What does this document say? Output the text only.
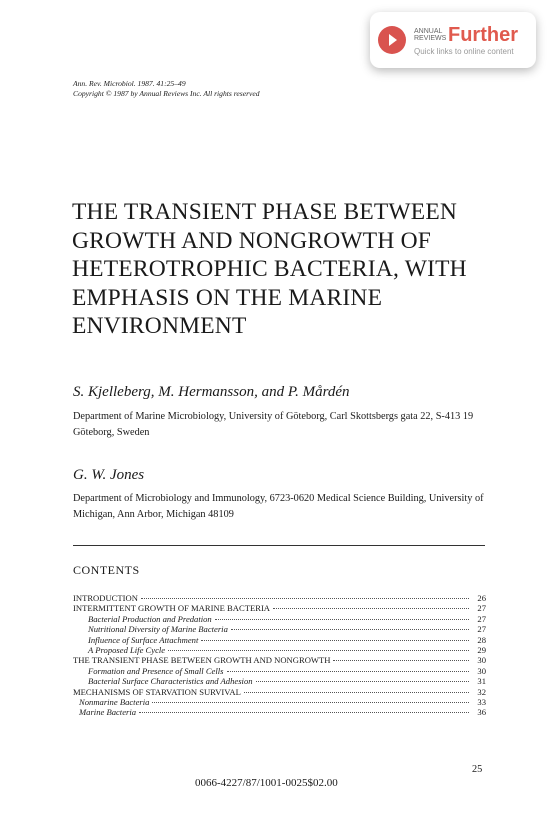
ANNUAL
REVIEWS Further
Quick links to online content
Ann. Rev. Microbiol. 1987. 41:25–49
Copyright © 1987 by Annual Reviews Inc. All rights reserved
THE TRANSIENT PHASE BETWEEN
GROWTH AND NONGROWTH OF
HETEROTROPHIC BACTERIA, WITH
EMPHASIS ON THE MARINE
ENVIRONMENT
S. Kjelleberg, M. Hermansson, and P. Mårdén
Department of Marine Microbiology, University of Göteborg, Carl Skottsbergs gata 22, S-413 19 Göteborg, Sweden
G. W. Jones
Department of Microbiology and Immunology, 6723-0620 Medical Science Building, University of Michigan, Ann Arbor, Michigan 48109
CONTENTS
INTRODUCTION	26
INTERMITTENT GROWTH OF MARINE BACTERIA	27
Bacterial Production and Predation	27
Nutritional Diversity of Marine Bacteria	27
Influence of Surface Attachment	28
A Proposed Life Cycle	29
THE TRANSIENT PHASE BETWEEN GROWTH AND NONGROWTH	30
Formation and Presence of Small Cells	30
Bacterial Surface Characteristics and Adhesion	31
MECHANISMS OF STARVATION SURVIVAL	32
Nonmarine Bacteria	33
Marine Bacteria	36
25
0066-4227/87/1001-0025$02.00
